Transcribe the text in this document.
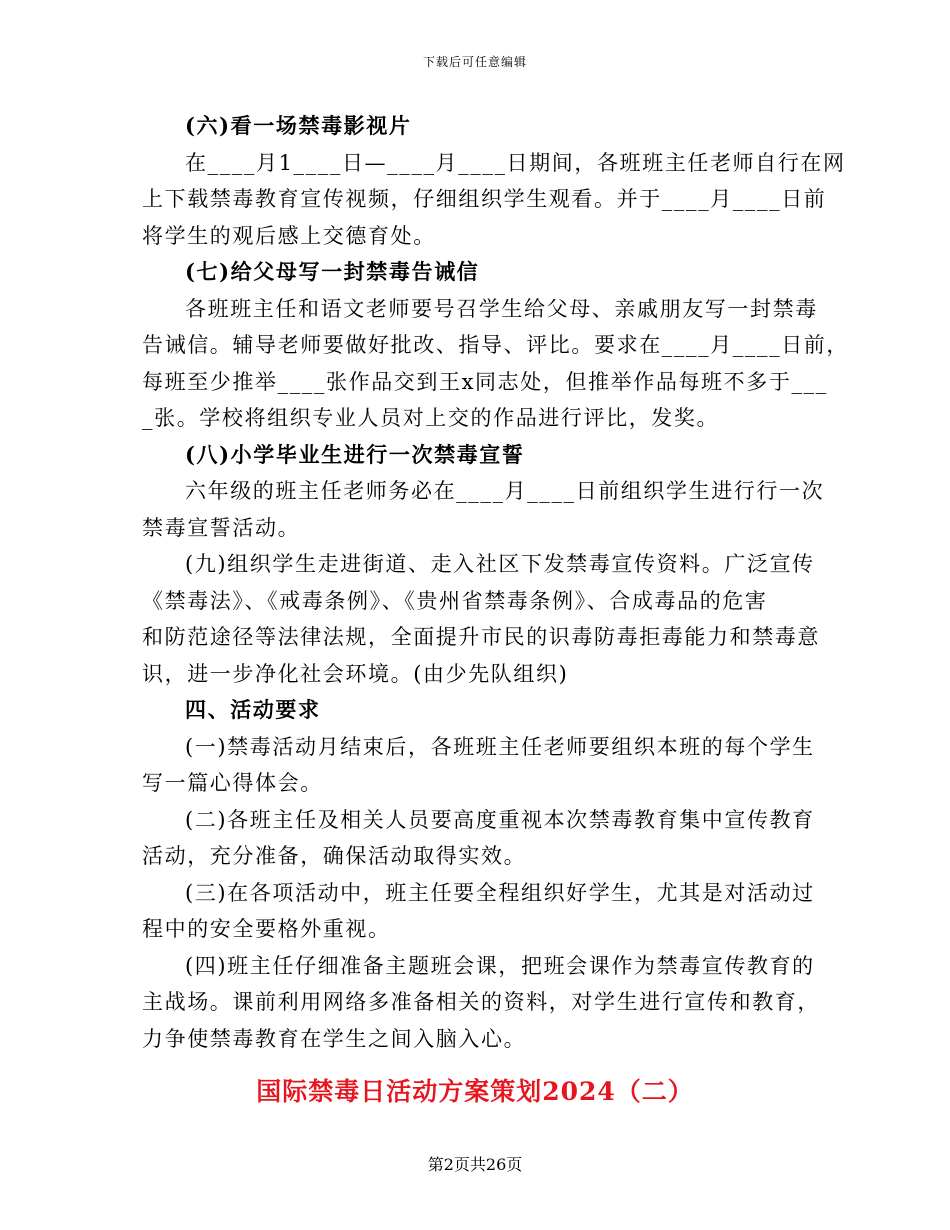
下载后可任意编辑
(六)看一场禁毒影视片
在____月1____日—____月____日期间，各班班主任老师自行在网
上下载禁毒教育宣传视频，仔细组织学生观看。并于____月____日前
将学生的观后感上交德育处。
(七)给父母写一封禁毒告诫信
各班班主任和语文老师要号召学生给父母、亲戚朋友写一封禁毒
告诫信。辅导老师要做好批改、指导、评比。要求在____月____日前，
每班至少推举____张作品交到王x同志处，但推举作品每班不多于___
_张。学校将组织专业人员对上交的作品进行评比，发奖。
(八)小学毕业生进行一次禁毒宣誓
六年级的班主任老师务必在____月____日前组织学生进行行一次
禁毒宣誓活动。
(九)组织学生走进街道、走入社区下发禁毒宣传资料。广泛宣传
《禁毒法》、《戒毒条例》、《贵州省禁毒条例》、合成毒品的危害
和防范途径等法律法规，全面提升市民的识毒防毒拒毒能力和禁毒意
识，进一步净化社会环境。(由少先队组织)
四、活动要求
(一)禁毒活动月结束后，各班班主任老师要组织本班的每个学生
写一篇心得体会。
(二)各班主任及相关人员要高度重视本次禁毒教育集中宣传教育
活动，充分准备，确保活动取得实效。
(三)在各项活动中，班主任要全程组织好学生，尤其是对活动过
程中的安全要格外重视。
(四)班主任仔细准备主题班会课，把班会课作为禁毒宣传教育的
主战场。课前利用网络多准备相关的资料，对学生进行宣传和教育，
力争使禁毒教育在学生之间入脑入心。
国际禁毒日活动方案策划2024（二）
第2页共26页
